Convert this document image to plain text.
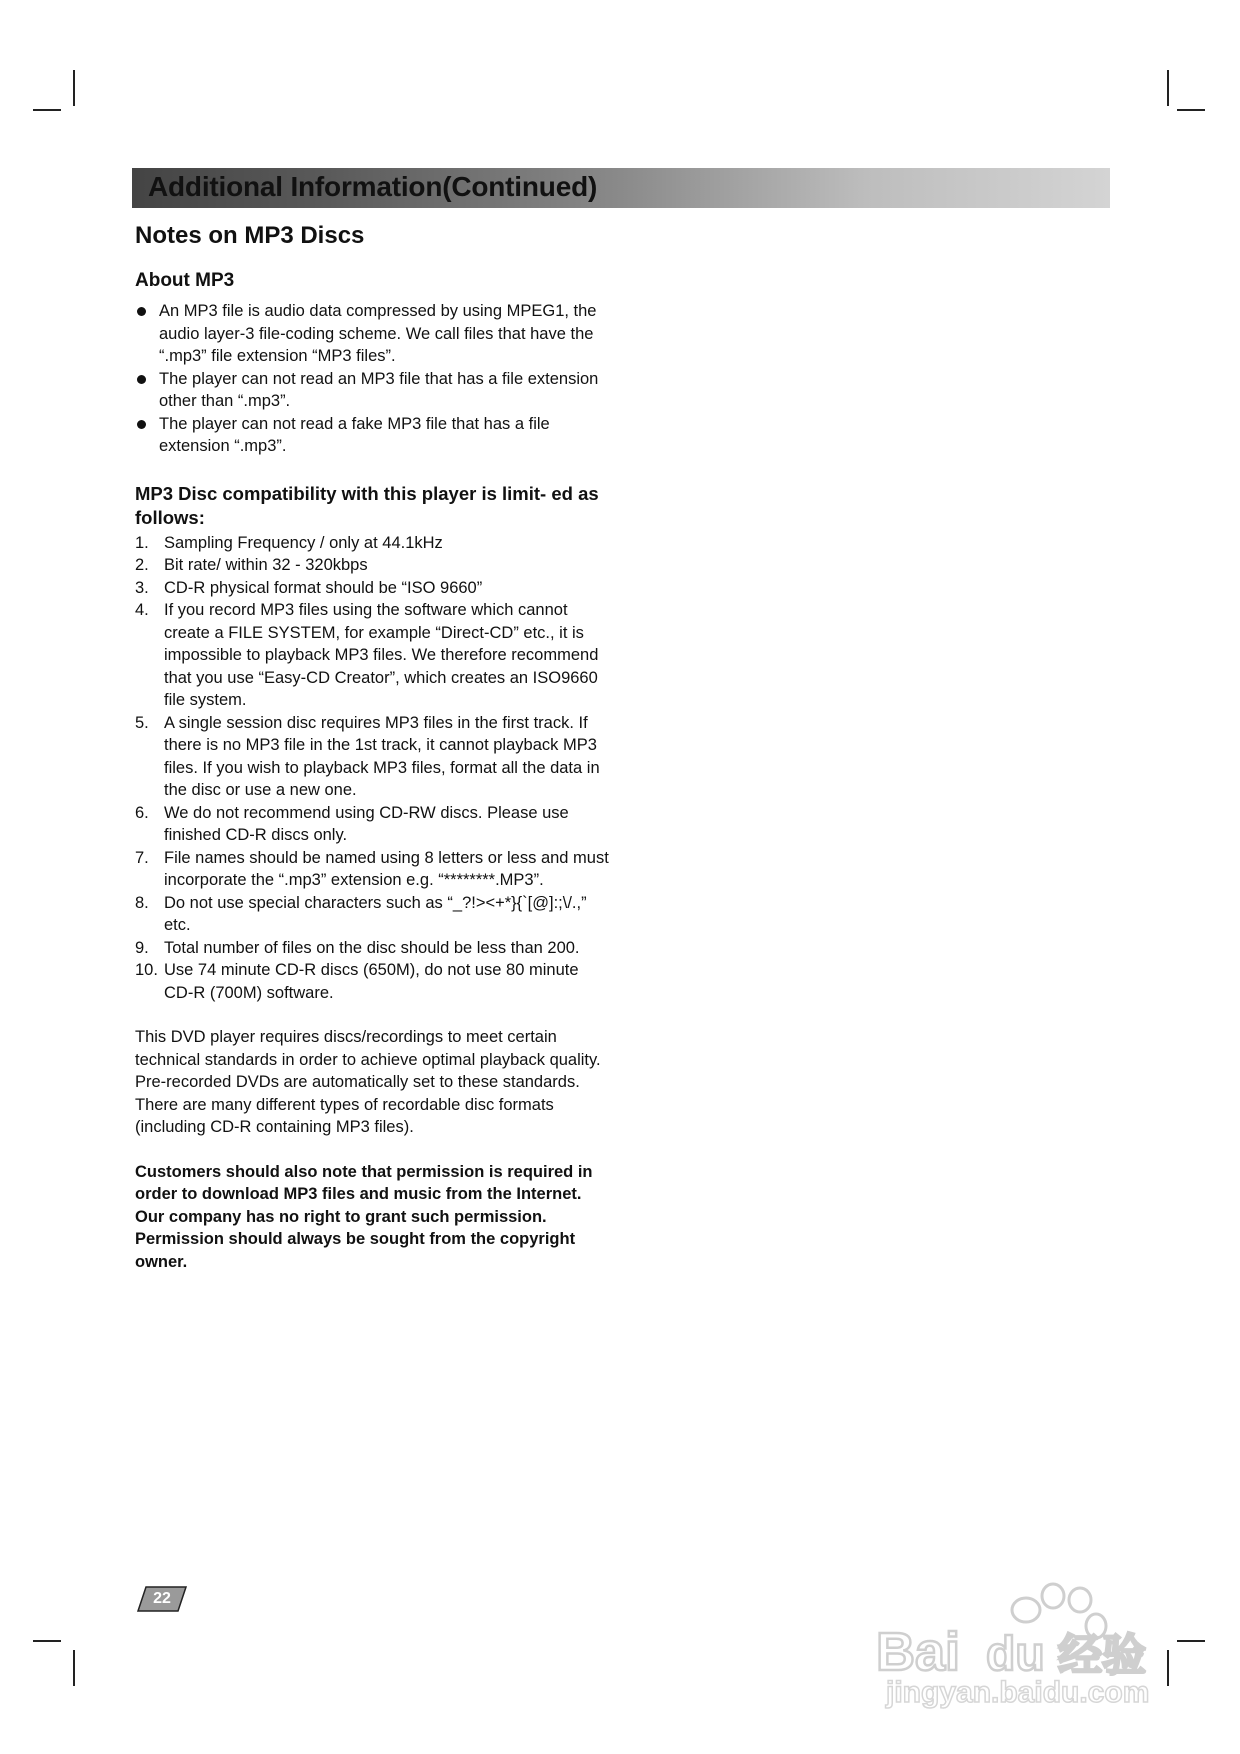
Additional Information(Continued)
Notes on MP3 Discs
About MP3
An MP3 file is audio data compressed by using MPEG1, the audio layer-3 file-coding scheme. We call files that have the “.mp3” file extension “MP3 files”.
The player can not read an MP3 file that has a file extension other than “.mp3”.
The player can not read a fake MP3 file that has a file extension “.mp3”.
MP3 Disc compatibility with this player is limit- ed as follows:
1. Sampling Frequency / only at 44.1kHz
2. Bit rate/ within 32 - 320kbps
3. CD-R physical format should be “ISO 9660”
4. If you record MP3 files using the software which cannot create a FILE SYSTEM, for example “Direct-CD” etc., it is impossible to playback MP3 files. We therefore recommend that you use “Easy-CD Creator”, which creates an ISO9660 file system.
5. A single session disc requires MP3 files in the first track. If there is no MP3 file in the 1st track, it cannot playback MP3 files. If you wish to playback MP3 files, format all the data in the disc or use a new one.
6. We do not recommend using CD-RW discs. Please use finished CD-R discs only.
7. File names should be named using 8 letters or less and must incorporate the “.mp3” extension e.g. “********.MP3”.
8. Do not use special characters such as “_?!><+*}{`[@]:;\/.,” etc.
9. Total number of files on the disc should be less than 200.
10. Use 74 minute CD-R discs (650M), do not use 80 minute CD-R (700M) software.

This DVD player requires discs/recordings to meet certain technical standards in order to achieve optimal playback quality. Pre-recorded DVDs are automatically set to these standards. There are many different types of recordable disc formats (including CD-R containing MP3 files).

Customers should also note that permission is required in order to download MP3 files and music from the Internet. Our company has no right to grant such permission. Permission should always be sought from the copyright owner.

22
Bai du 经验
jingyan.baidu.com
